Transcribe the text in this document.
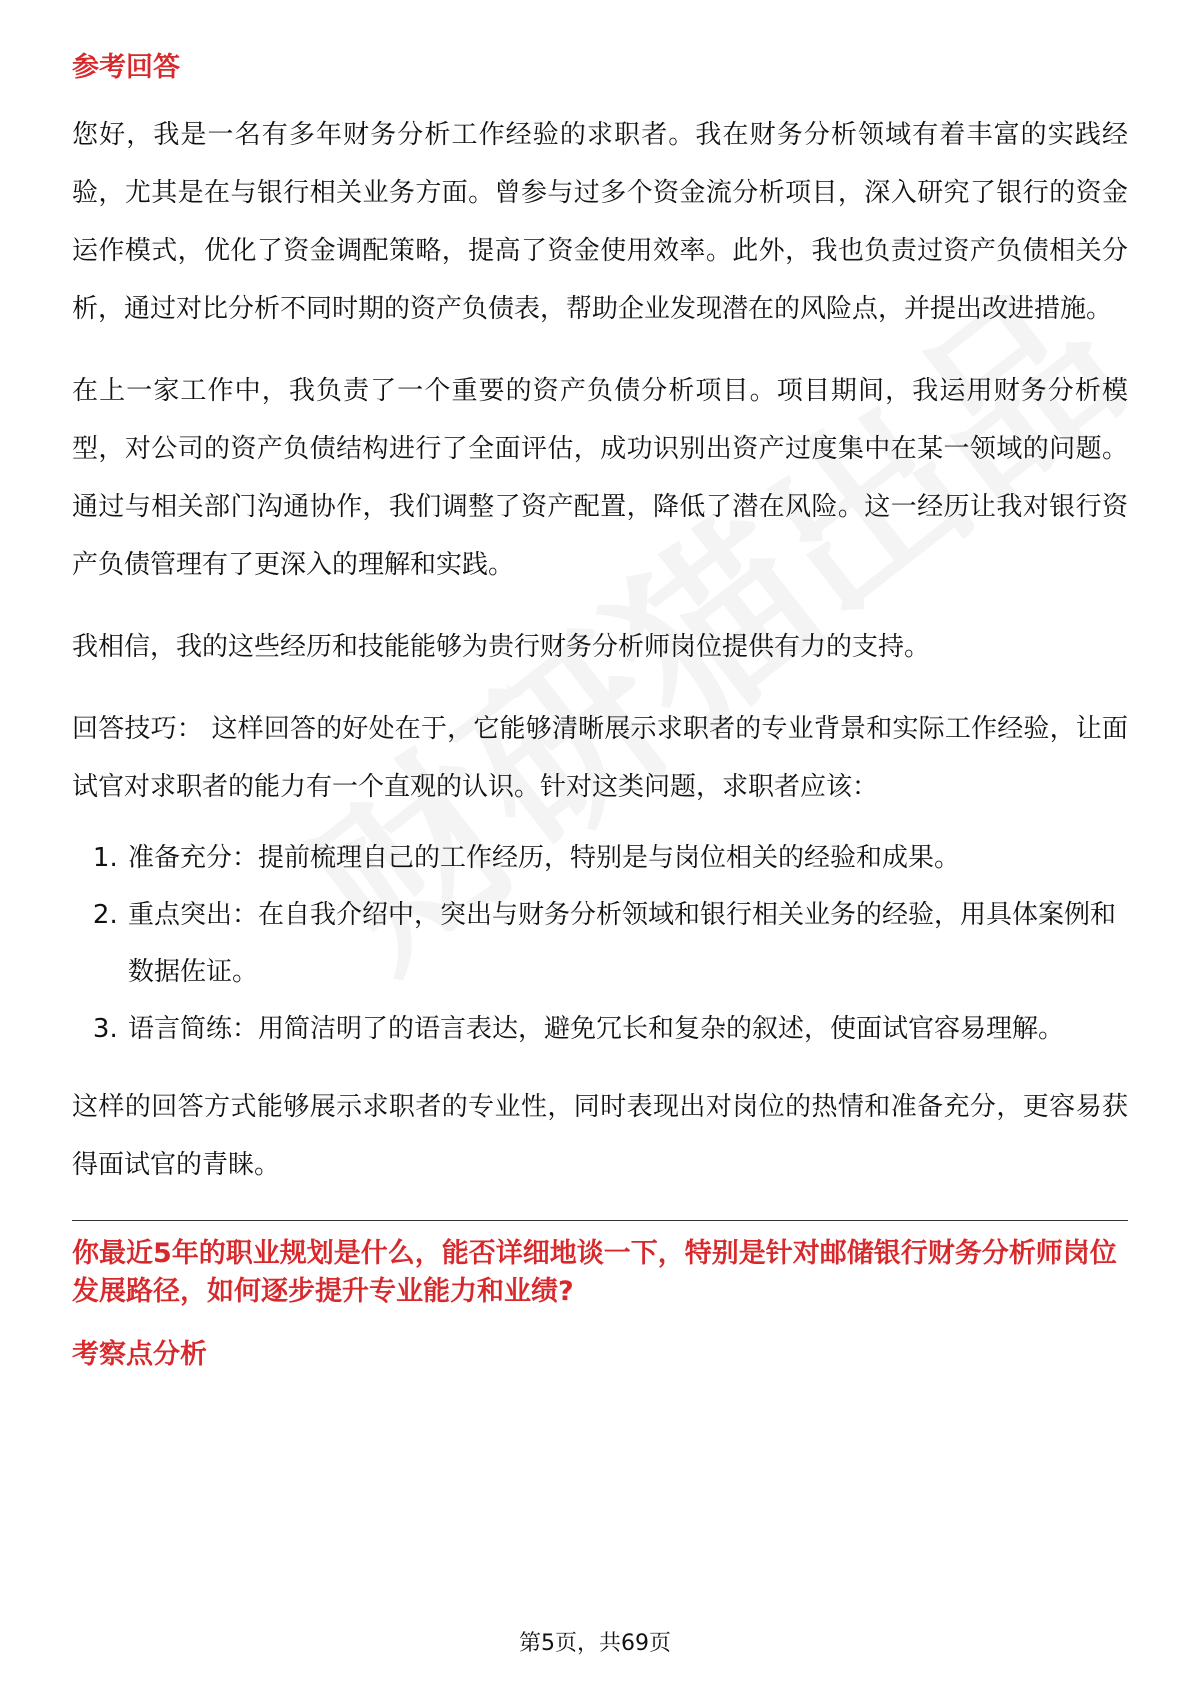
参考回答

您好，我是一名有多年财务分析工作经验的求职者。我在财务分析领域有着丰富的实践经验，尤其是在与银行相关业务方面。曾参与过多个资金流分析项目，深入研究了银行的资金运作模式，优化了资金调配策略，提高了资金使用效率。此外，我也负责过资产负债相关分析，通过对比分析不同时期的资产负债表，帮助企业发现潜在的风险点，并提出改进措施。

在上一家工作中，我负责了一个重要的资产负债分析项目。项目期间，我运用财务分析模型，对公司的资产负债结构进行了全面评估，成功识别出资产过度集中在某一领域的问题。通过与相关部门沟通协作，我们调整了资产配置，降低了潜在风险。这一经历让我对银行资产负债管理有了更深入的理解和实践。

我相信，我的这些经历和技能能够为贵行财务分析师岗位提供有力的支持。

回答技巧： 这样回答的好处在于，它能够清晰展示求职者的专业背景和实际工作经验，让面试官对求职者的能力有一个直观的认识。针对这类问题，求职者应该：

1. 准备充分：提前梳理自己的工作经历，特别是与岗位相关的经验和成果。
2. 重点突出：在自我介绍中，突出与财务分析领域和银行相关业务的经验，用具体案例和数据佐证。
3. 语言简练：用简洁明了的语言表达，避免冗长和复杂的叙述，使面试官容易理解。

这样的回答方式能够展示求职者的专业性，同时表现出对岗位的热情和准备充分，更容易获得面试官的青睐。

你最近5年的职业规划是什么，能否详细地谈一下，特别是针对邮储银行财务分析师岗位发展路径，如何逐步提升专业能力和业绩?
考察点分析
第5页，共69页
